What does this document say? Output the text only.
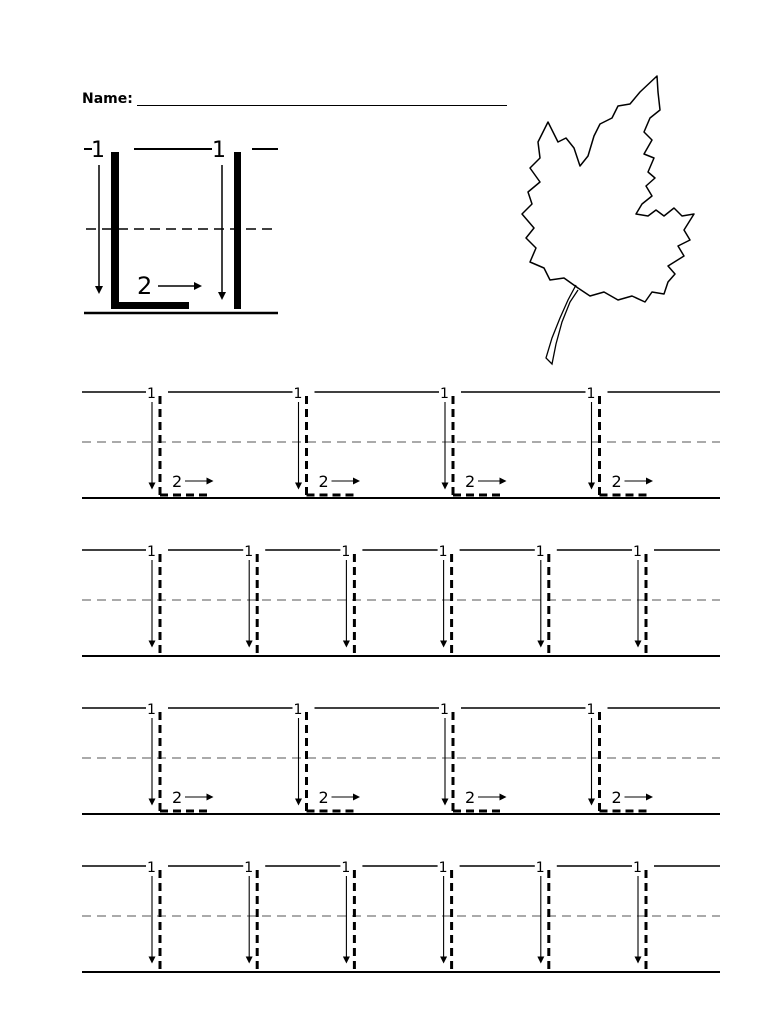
Name:
1	1
2
1
2
1
2
1
2
1
2
1	1	1	1	1	1
1
2
1
2
1
2
1
2
1	1	1	1	1	1
